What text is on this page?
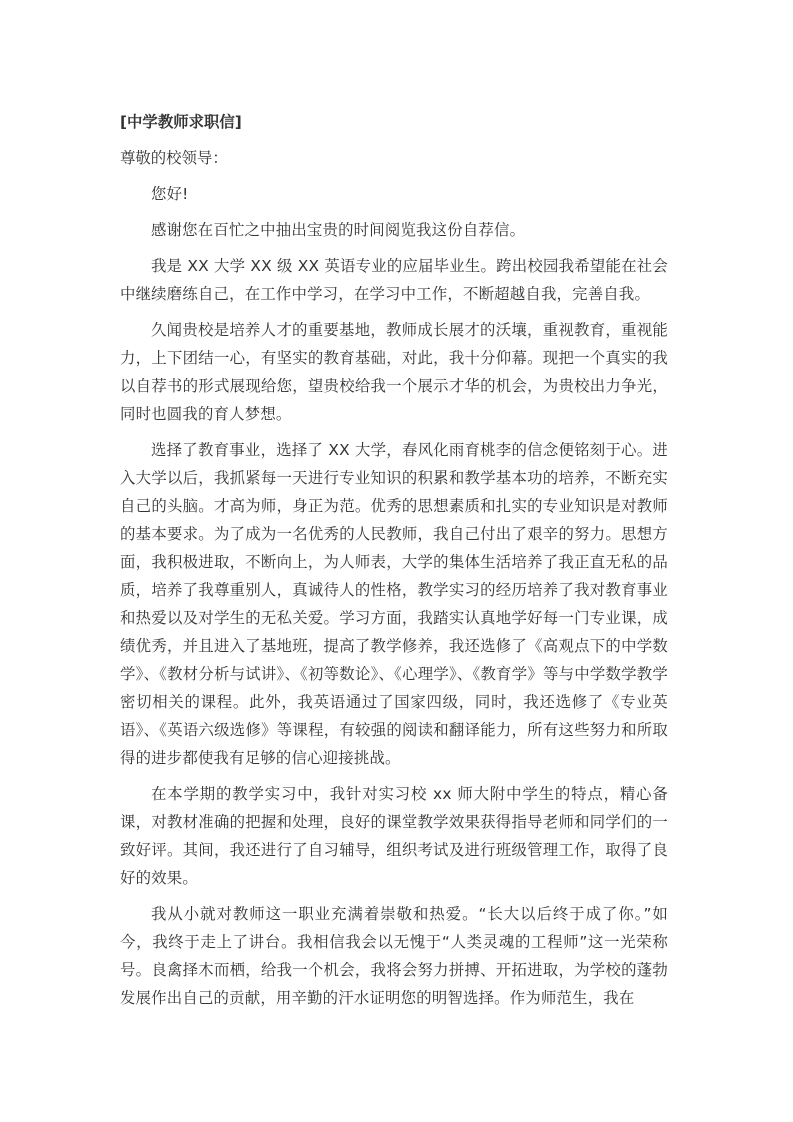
[中学教师求职信]

尊敬的校领导：

您好!

感谢您在百忙之中抽出宝贵的时间阅览我这份自荐信。

我是 XX 大学 XX 级 XX 英语专业的应届毕业生。跨出校园我希望能在社会中继续磨练自己，在工作中学习，在学习中工作，不断超越自我，完善自我。

久闻贵校是培养人才的重要基地，教师成长展才的沃壤，重视教育，重视能力，上下团结一心，有坚实的教育基础，对此，我十分仰幕。现把一个真实的我以自荐书的形式展现给您，望贵校给我一个展示才华的机会，为贵校出力争光，同时也圆我的育人梦想。

选择了教育事业，选择了 XX 大学，春风化雨育桃李的信念便铭刻于心。进入大学以后，我抓紧每一天进行专业知识的积累和教学基本功的培养，不断充实自己的头脑。才高为师，身正为范。优秀的思想素质和扎实的专业知识是对教师的基本要求。为了成为一名优秀的人民教师，我自己付出了艰辛的努力。思想方面，我积极进取，不断向上，为人师表，大学的集体生活培养了我正直无私的品质，培养了我尊重别人，真诚待人的性格，教学实习的经历培养了我对教育事业和热爱以及对学生的无私关爱。学习方面，我踏实认真地学好每一门专业课，成绩优秀，并且进入了基地班，提高了教学修养，我还选修了《高观点下的中学数学》、《教材分析与试讲》、《初等数论》、《心理学》、《教育学》等与中学数学教学密切相关的课程。此外，我英语通过了国家四级，同时，我还选修了《专业英语》、《英语六级选修》等课程，有较强的阅读和翻译能力，所有这些努力和所取得的进步都使我有足够的信心迎接挑战。

在本学期的教学实习中，我针对实习校 xx 师大附中学生的特点，精心备课，对教材准确的把握和处理，良好的课堂教学效果获得指导老师和同学们的一致好评。其间，我还进行了自习辅导，组织考试及进行班级管理工作，取得了良好的效果。

我从小就对教师这一职业充满着崇敬和热爱。“长大以后终于成了你。”如今，我终于走上了讲台。我相信我会以无愧于“人类灵魂的工程师”这一光荣称号。良禽择木而栖，给我一个机会，我将会努力拼搏、开拓进取，为学校的蓬勃发展作出自己的贡献，用辛勤的汗水证明您的明智选择。作为师范生，我在
